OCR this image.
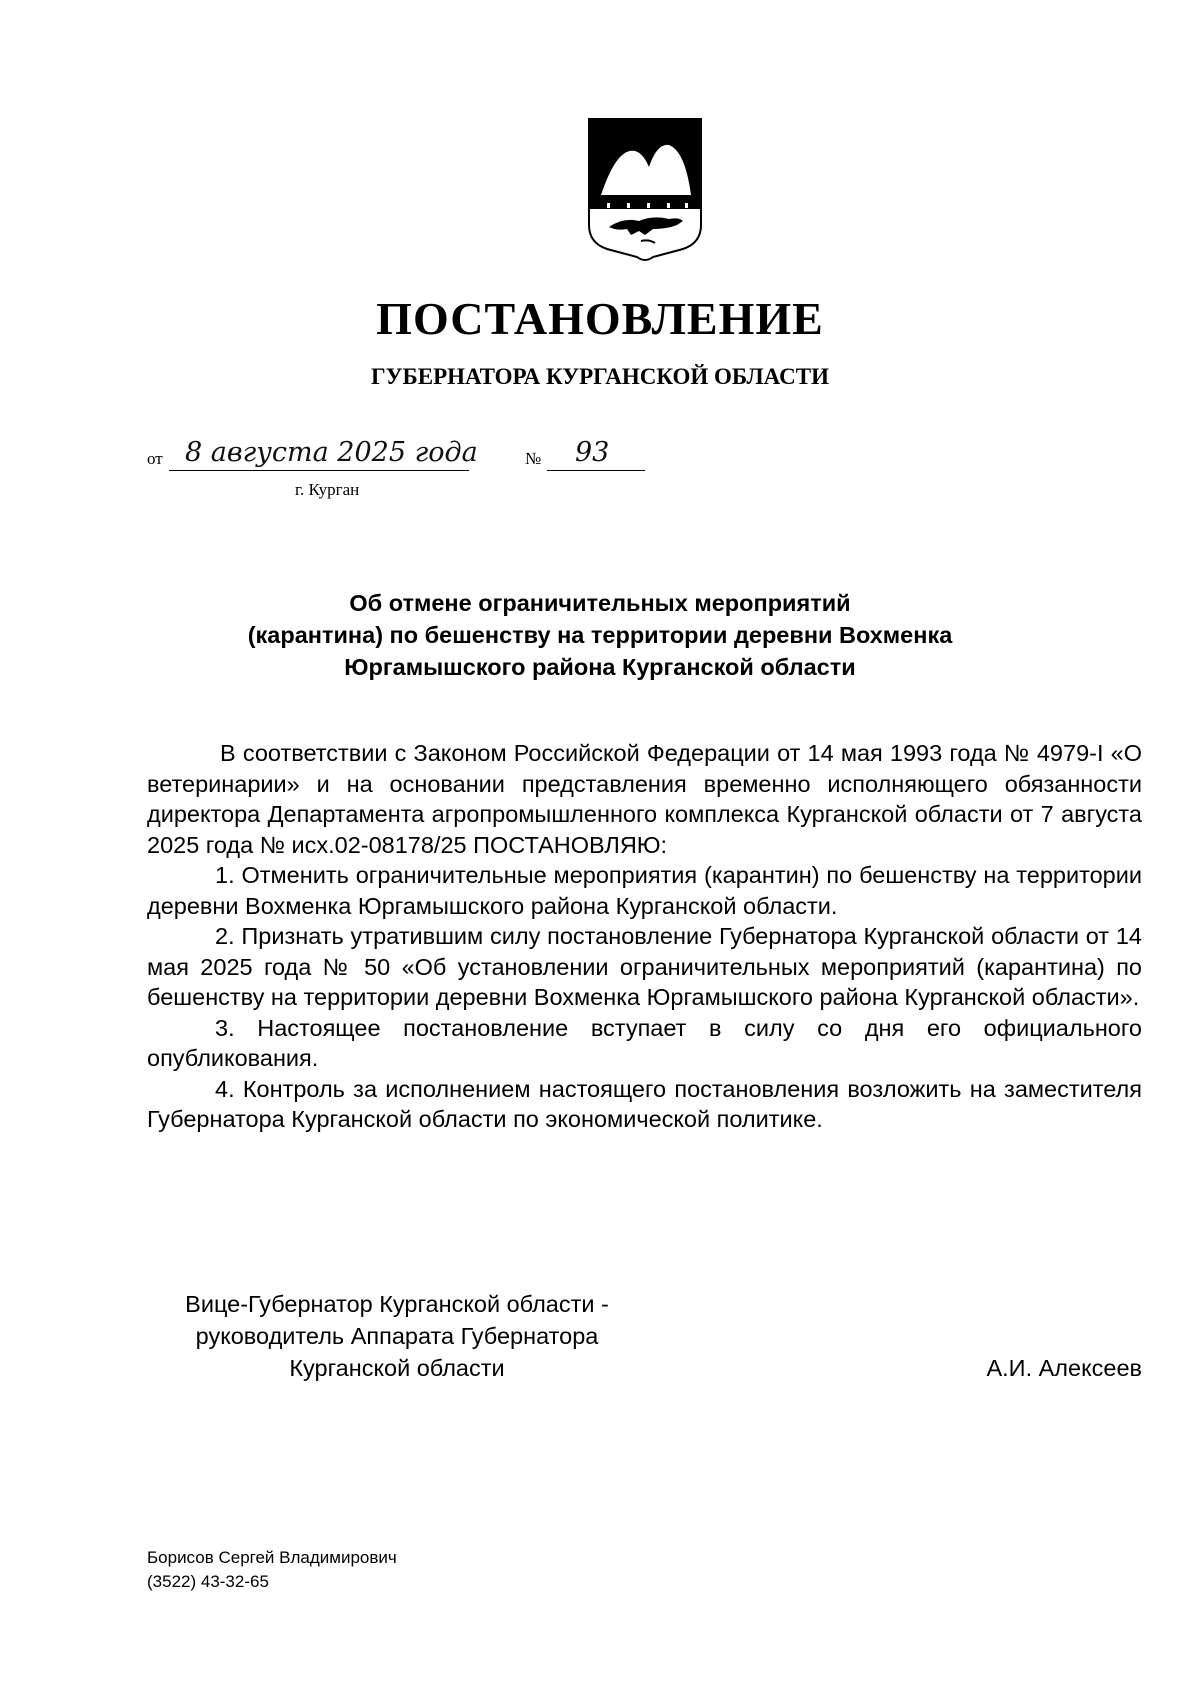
ПОСТАНОВЛЕНИЕ
ГУБЕРНАТОРА КУРГАНСКОЙ ОБЛАСТИ
от 8 августа 2025 года	№ 93
г. Курган
Об отмене ограничительных мероприятий
(карантина) по бешенству на территории деревни Вохменка
Юргамышского района Курганской области

В соответствии с Законом Российской Федерации от 14 мая 1993 года № 4979-I «О ветеринарии» и на основании представления временно исполняющего обязанности директора Департамента агропромышленного комплекса Курганской области от 7 августа 2025 года № исх.02-08178/25 ПОСТАНОВЛЯЮ:

1. Отменить ограничительные мероприятия (карантин) по бешенству на территории деревни Вохменка Юргамышского района Курганской области.

2. Признать утратившим силу постановление Губернатора Курганской области от 14 мая 2025 года № 50 «Об установлении ограничительных мероприятий (карантина) по бешенству на территории деревни Вохменка Юргамышского района Курганской области».

3. Настоящее постановление вступает в силу со дня его официального опубликования.

4. Контроль за исполнением настоящего постановления возложить на заместителя Губернатора Курганской области по экономической политике.

Вице-Губернатор Курганской области -
руководитель Аппарата Губернатора
Курганской области	А.И. Алексеев
Борисов Сергей Владимирович
(3522) 43-32-65
